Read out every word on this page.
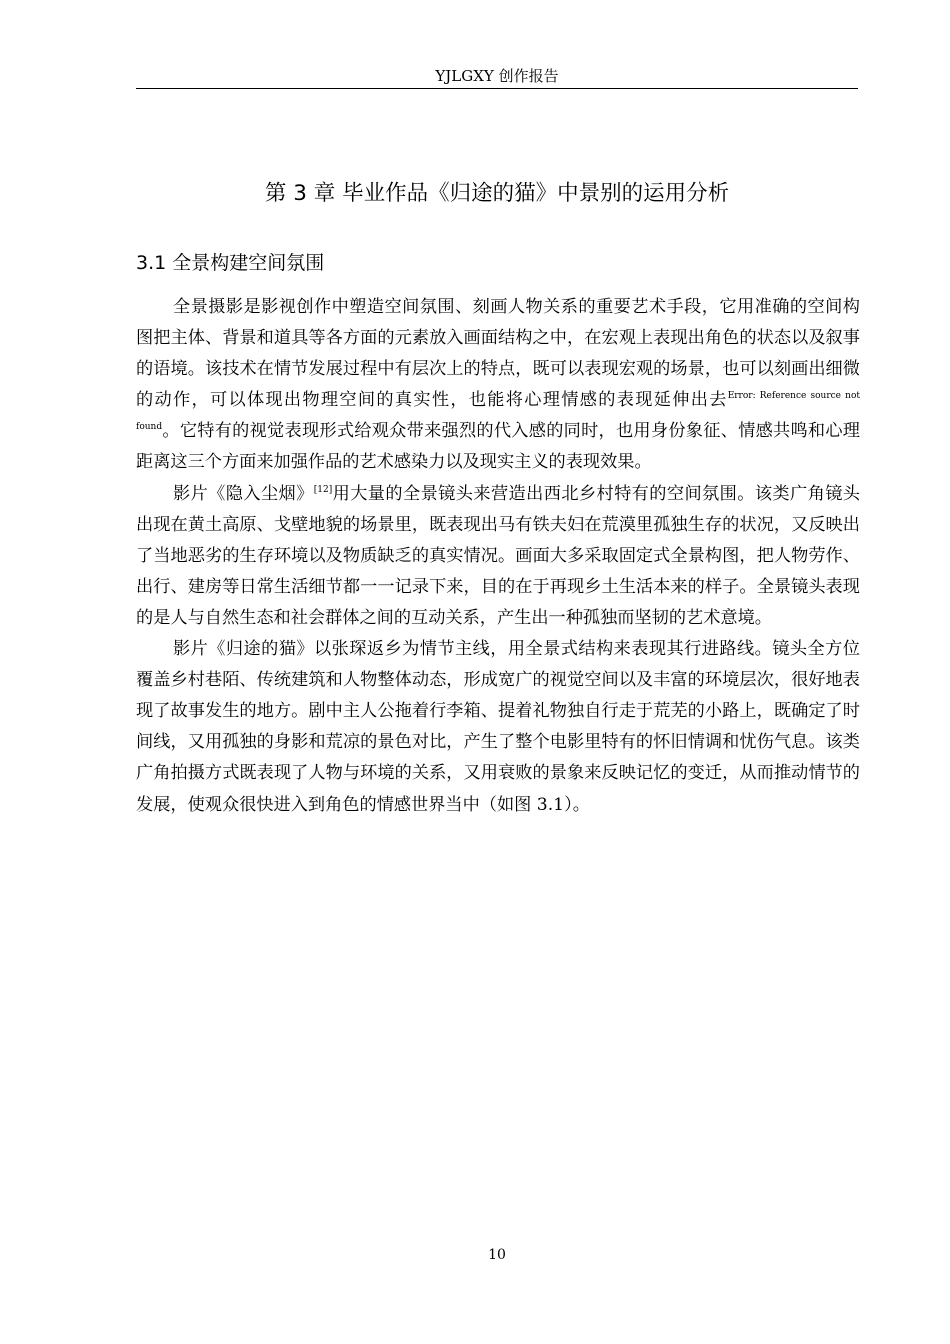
YJLGXY 创作报告
第 3 章 毕业作品《归途的猫》中景别的运用分析
3.1 全景构建空间氛围

全景摄影是影视创作中塑造空间氛围、刻画人物关系的重要艺术手段，它用准确的空间构图把主体、背景和道具等各方面的元素放入画面结构之中，在宏观上表现出角色的状态以及叙事的语境。该技术在情节发展过程中有层次上的特点，既可以表现宏观的场景，也可以刻画出细微的动作，可以体现出物理空间的真实性，也能将心理情感的表现延伸出去$^{Error: Reference source not found}$。它特有的视觉表现形式给观众带来强烈的代入感的同时，也用身份象征、情感共鸣和心理距离这三个方面来加强作品的艺术感染力以及现实主义的表现效果。

影片《隐入尘烟》[12]用大量的全景镜头来营造出西北乡村特有的空间氛围。该类广角镜头出现在黄土高原、戈壁地貌的场景里，既表现出马有铁夫妇在荒漠里孤独生存的状况，又反映出了当地恶劣的生存环境以及物质缺乏的真实情况。画面大多采取固定式全景构图，把人物劳作、出行、建房等日常生活细节都一一记录下来，目的在于再现乡土生活本来的样子。全景镜头表现的是人与自然生态和社会群体之间的互动关系，产生出一种孤独而坚韧的艺术意境。

影片《归途的猫》以张琛返乡为情节主线，用全景式结构来表现其行进路线。镜头全方位覆盖乡村巷陌、传统建筑和人物整体动态，形成宽广的视觉空间以及丰富的环境层次，很好地表现了故事发生的地方。剧中主人公拖着行李箱、提着礼物独自行走于荒芜的小路上，既确定了时间线，又用孤独的身影和荒凉的景色对比，产生了整个电影里特有的怀旧情调和忧伤气息。该类广角拍摄方式既表现了人物与环境的关系，又用衰败的景象来反映记忆的变迁，从而推动情节的发展，使观众很快进入到角色的情感世界当中（如图 3.1）。

10
